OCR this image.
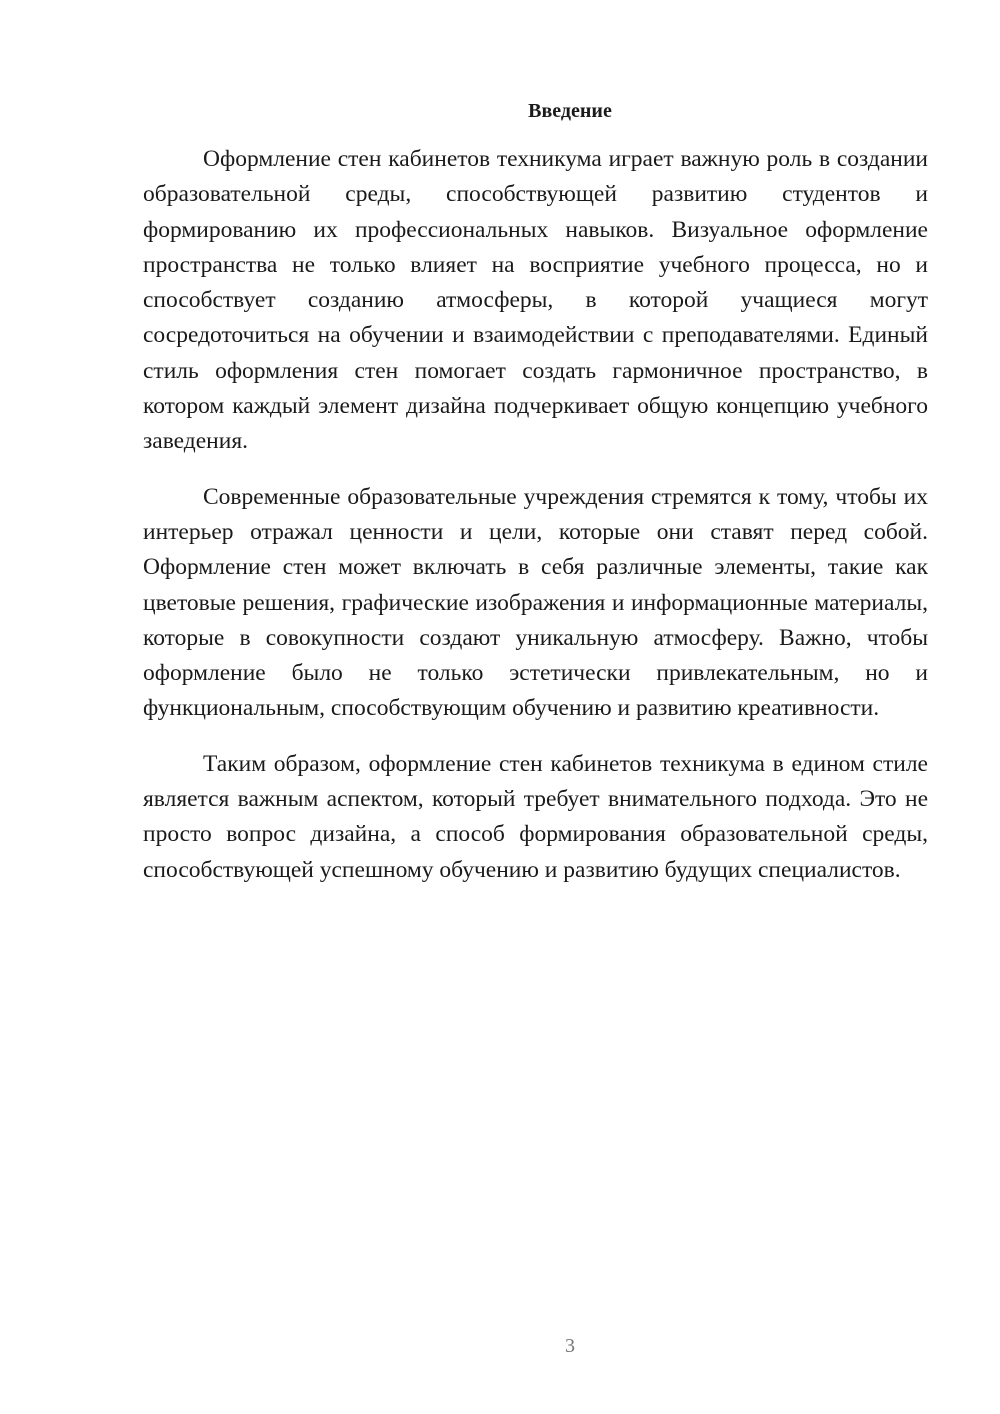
Введение

Оформление стен кабинетов техникума играет важную роль в создании образовательной среды, способствующей развитию студентов и формированию их профессиональных навыков. Визуальное оформление пространства не только влияет на восприятие учебного процесса, но и способствует созданию атмосферы, в которой учащиеся могут сосредоточиться на обучении и взаимодействии с преподавателями. Единый стиль оформления стен помогает создать гармоничное пространство, в котором каждый элемент дизайна подчеркивает общую концепцию учебного заведения.

Современные образовательные учреждения стремятся к тому, чтобы их интерьер отражал ценности и цели, которые они ставят перед собой. Оформление стен может включать в себя различные элементы, такие как цветовые решения, графические изображения и информационные материалы, которые в совокупности создают уникальную атмосферу. Важно, чтобы оформление было не только эстетически привлекательным, но и функциональным, способствующим обучению и развитию креативности.

Таким образом, оформление стен кабинетов техникума в едином стиле является важным аспектом, который требует внимательного подхода. Это не просто вопрос дизайна, а способ формирования образовательной среды, способствующей успешному обучению и развитию будущих специалистов.

3
